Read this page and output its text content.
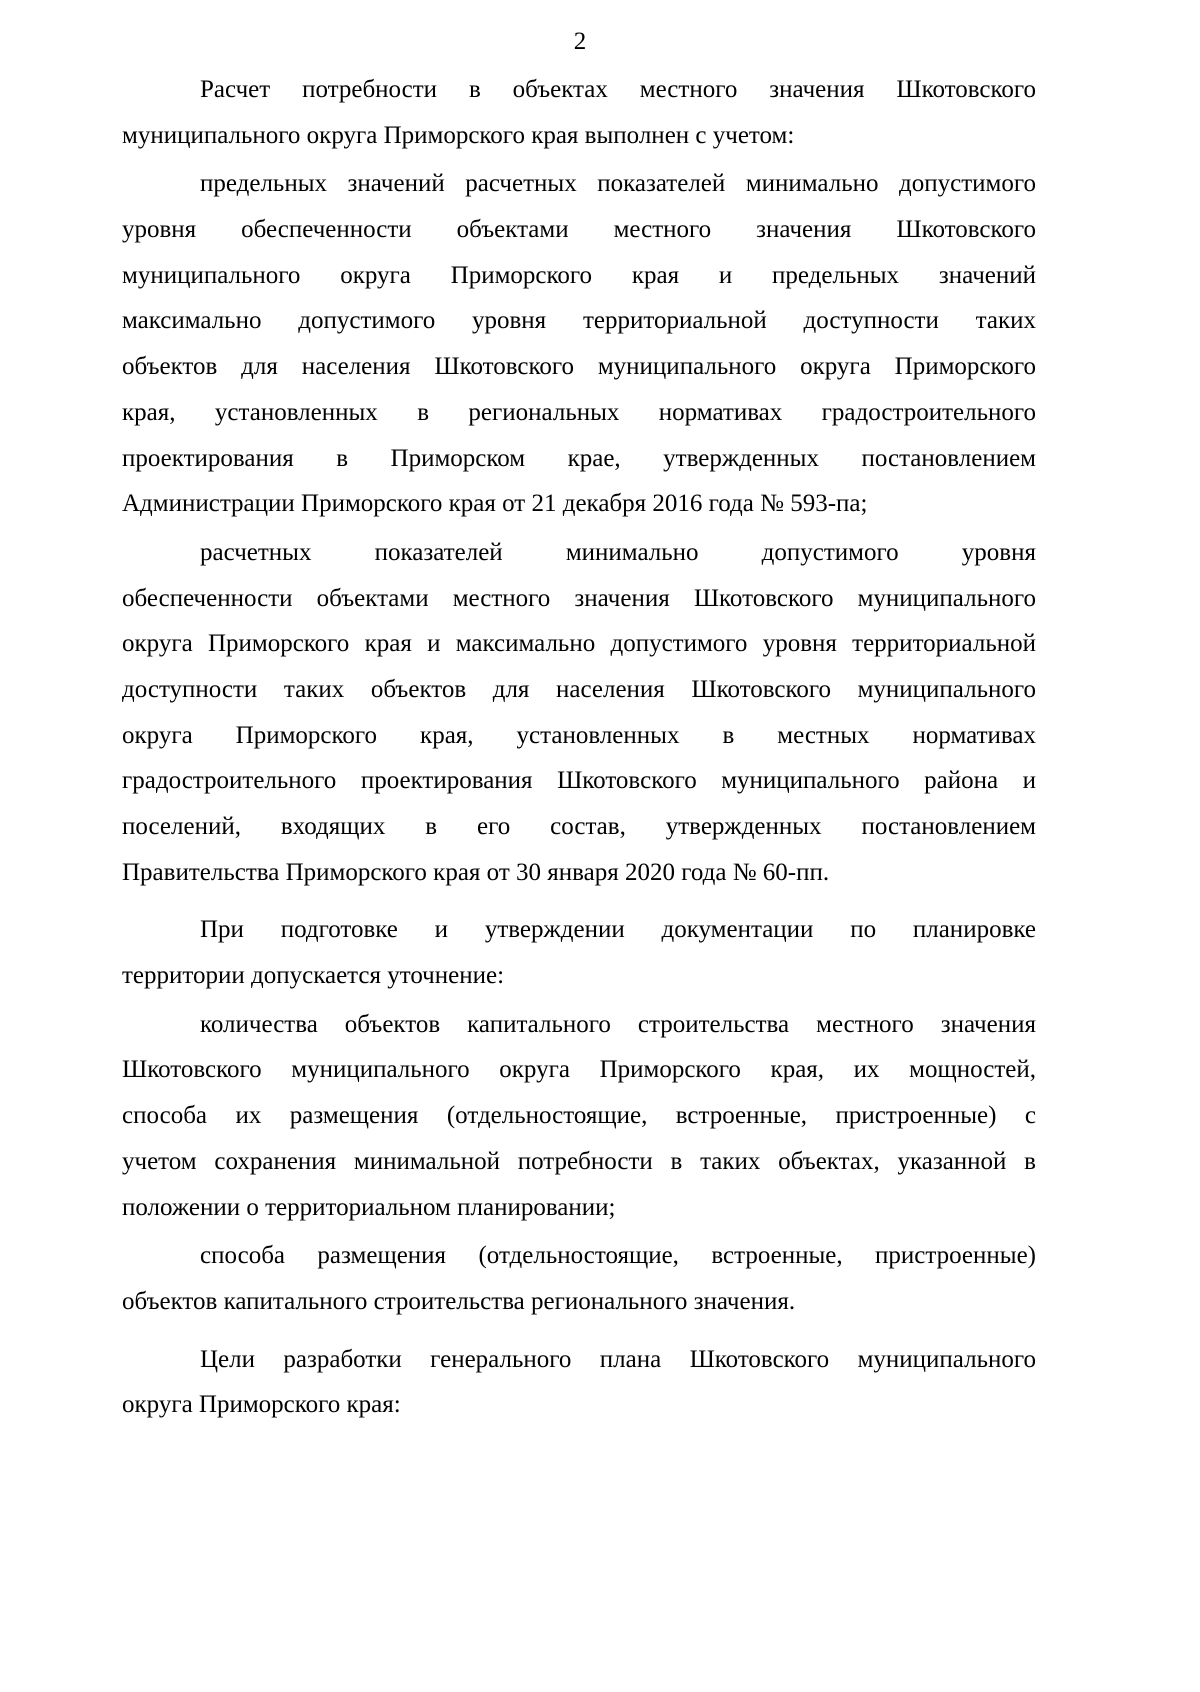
2
Расчет потребности в объектах местного значения Шкотовского
муниципального округа Приморского края выполнен с учетом:
предельных значений расчетных показателей минимально допустимого
уровня обеспеченности объектами местного значения Шкотовского
муниципального округа Приморского края и предельных значений
максимально допустимого уровня территориальной доступности таких
объектов для населения Шкотовского муниципального округа Приморского
края, установленных в региональных нормативах градостроительного
проектирования в Приморском крае, утвержденных постановлением
Администрации Приморского края от 21 декабря 2016 года № 593-па;
расчетных показателей минимально допустимого уровня
обеспеченности объектами местного значения Шкотовского муниципального
округа Приморского края и максимально допустимого уровня территориальной
доступности таких объектов для населения Шкотовского муниципального
округа Приморского края, установленных в местных нормативах
градостроительного проектирования Шкотовского муниципального района и
поселений, входящих в его состав, утвержденных постановлением
Правительства Приморского края от 30 января 2020 года № 60-пп.
При подготовке и утверждении документации по планировке
территории допускается уточнение:
количества объектов капитального строительства местного значения
Шкотовского муниципального округа Приморского края, их мощностей,
способа их размещения (отдельностоящие, встроенные, пристроенные) с
учетом сохранения минимальной потребности в таких объектах, указанной в
положении о территориальном планировании;
способа размещения (отдельностоящие, встроенные, пристроенные)
объектов капитального строительства регионального значения.
Цели разработки генерального плана Шкотовского муниципального
округа Приморского края:
